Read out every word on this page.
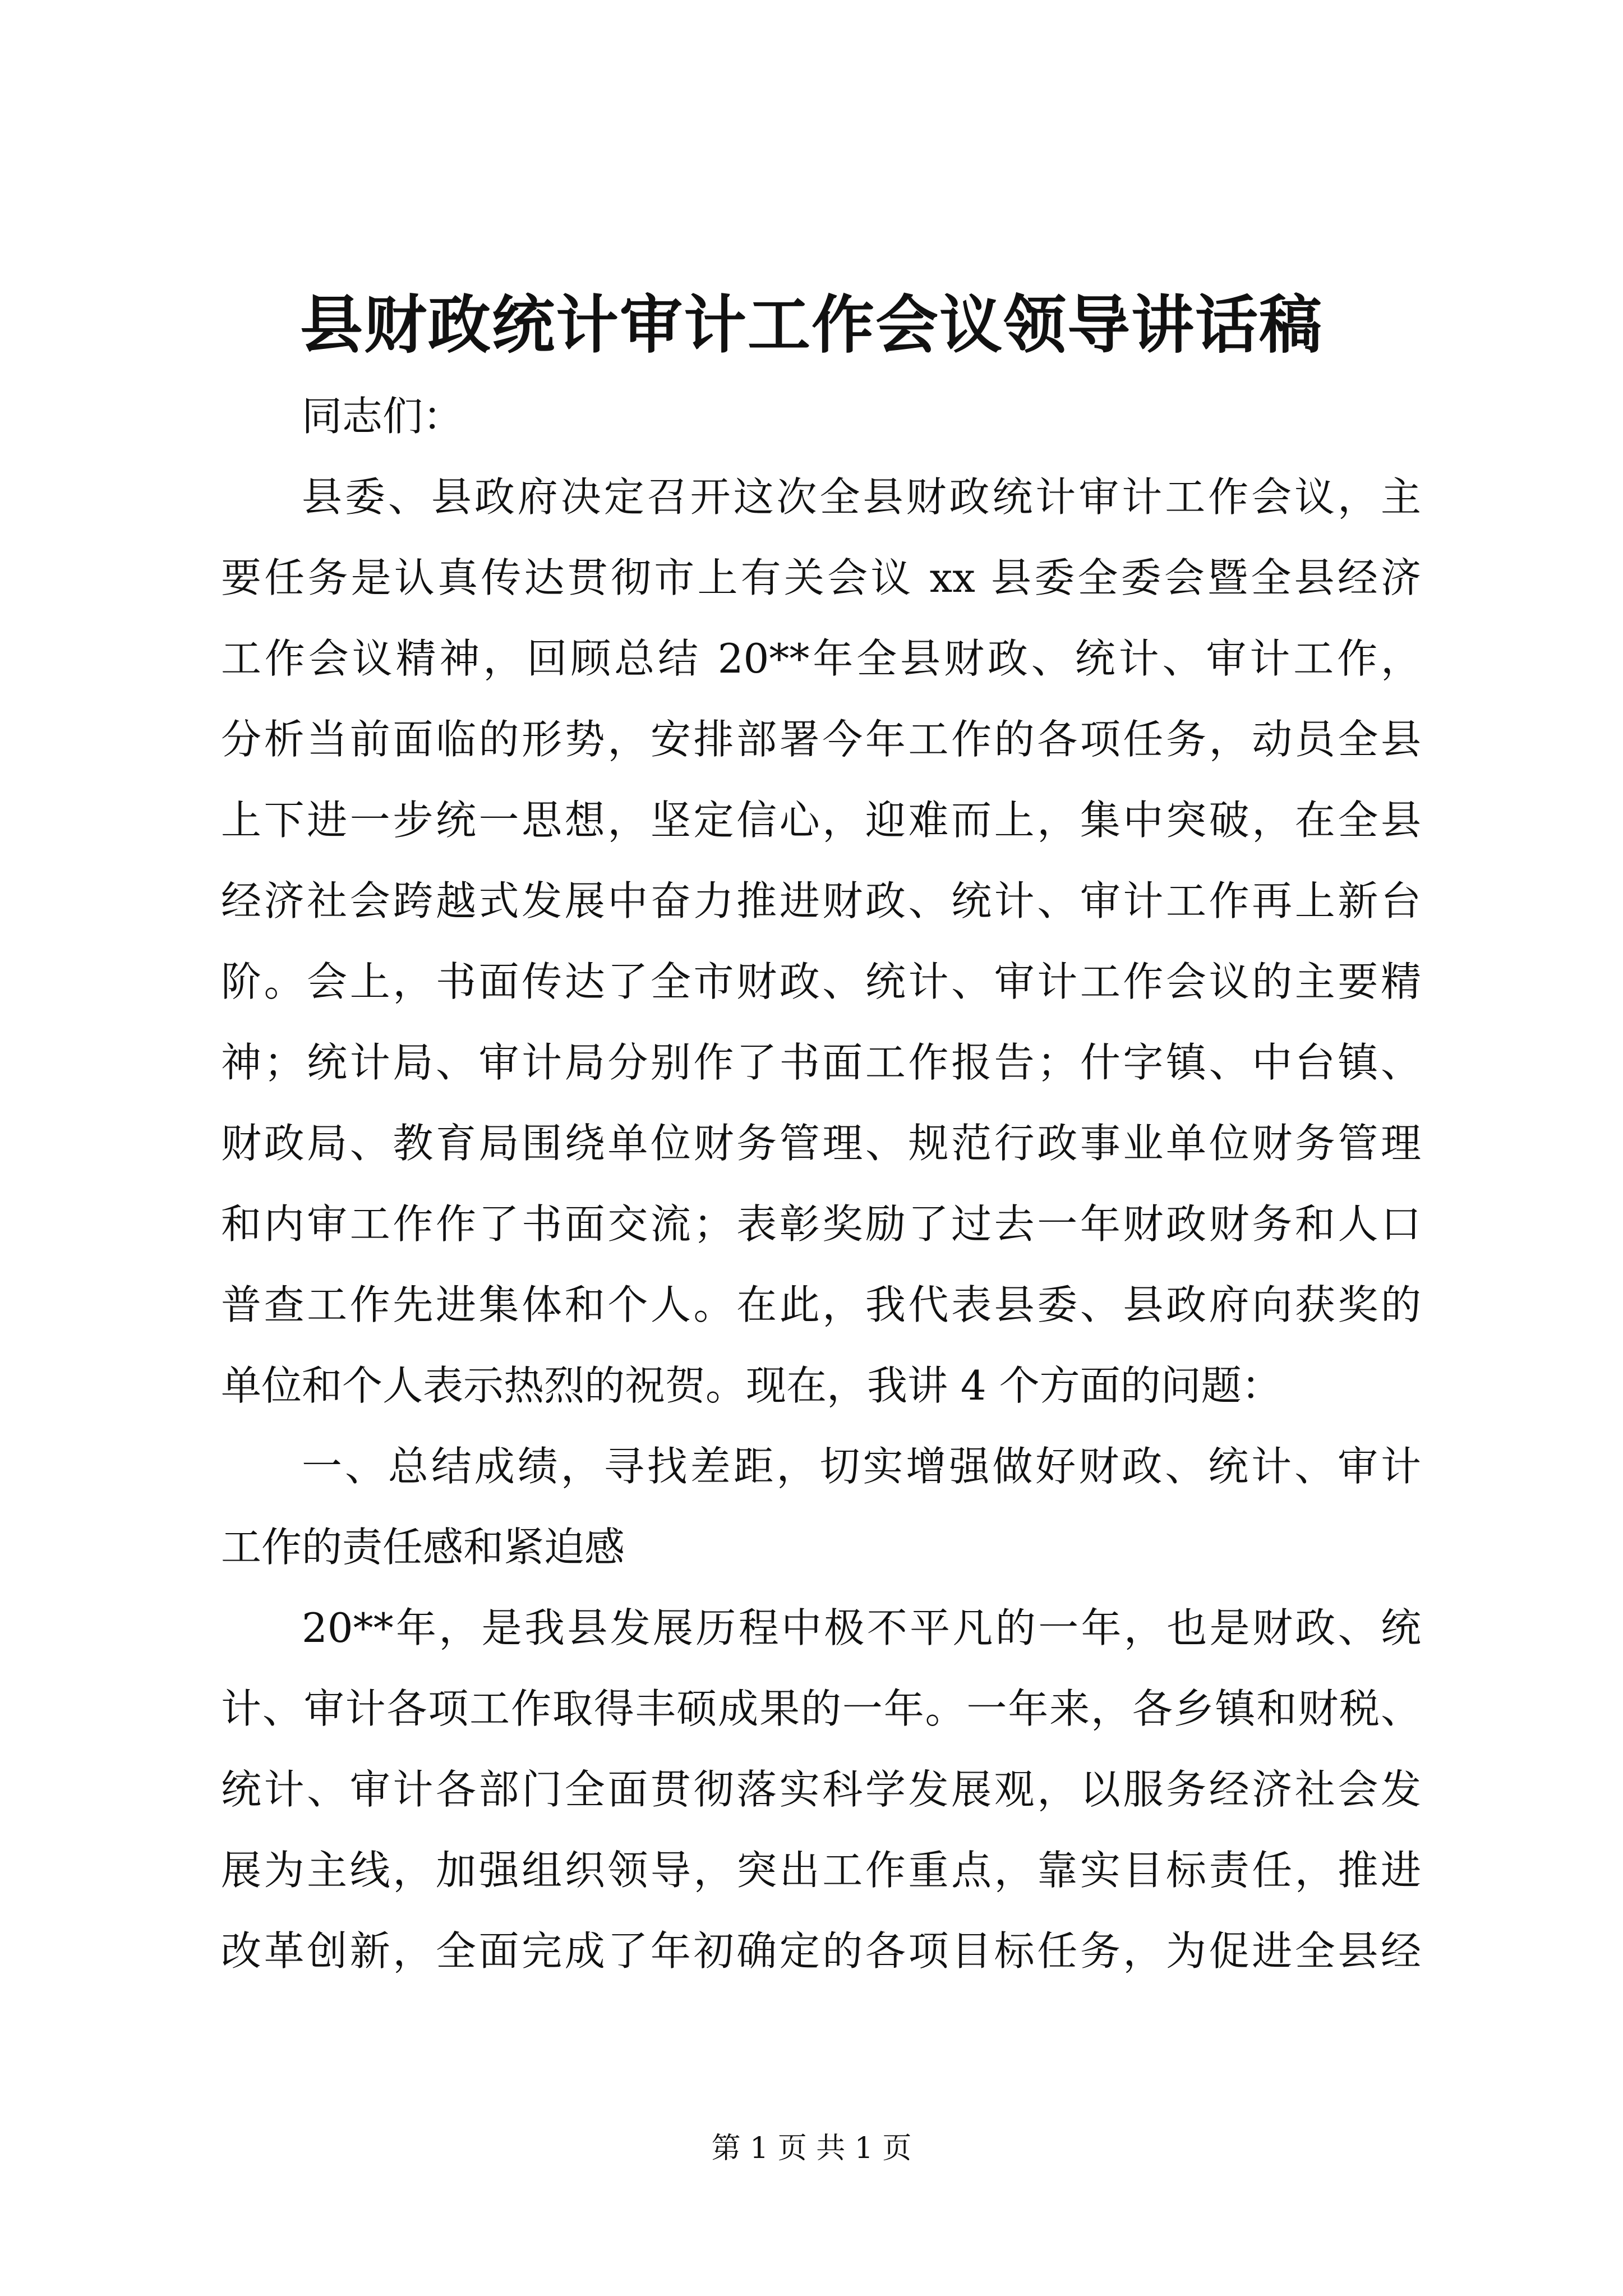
县财政统计审计工作会议领导讲话稿
同志们：
县委、县政府决定召开这次全县财政统计审计工作会议，主
要任务是认真传达贯彻市上有关会议 xx 县委全委会暨全县经济
工作会议精神，回顾总结 20**年全县财政、统计、审计工作，
分析当前面临的形势，安排部署今年工作的各项任务，动员全县
上下进一步统一思想，坚定信心，迎难而上，集中突破，在全县
经济社会跨越式发展中奋力推进财政、统计、审计工作再上新台
阶。会上，书面传达了全市财政、统计、审计工作会议的主要精
神；统计局、审计局分别作了书面工作报告；什字镇、中台镇、
财政局、教育局围绕单位财务管理、规范行政事业单位财务管理
和内审工作作了书面交流；表彰奖励了过去一年财政财务和人口
普查工作先进集体和个人。在此，我代表县委、县政府向获奖的
单位和个人表示热烈的祝贺。现在，我讲 4 个方面的问题：
一、总结成绩，寻找差距，切实增强做好财政、统计、审计
工作的责任感和紧迫感
20**年，是我县发展历程中极不平凡的一年，也是财政、统
计、审计各项工作取得丰硕成果的一年。一年来，各乡镇和财税、
统计、审计各部门全面贯彻落实科学发展观，以服务经济社会发
展为主线，加强组织领导，突出工作重点，靠实目标责任，推进
改革创新，全面完成了年初确定的各项目标任务，为促进全县经
第 1 页 共 1 页
